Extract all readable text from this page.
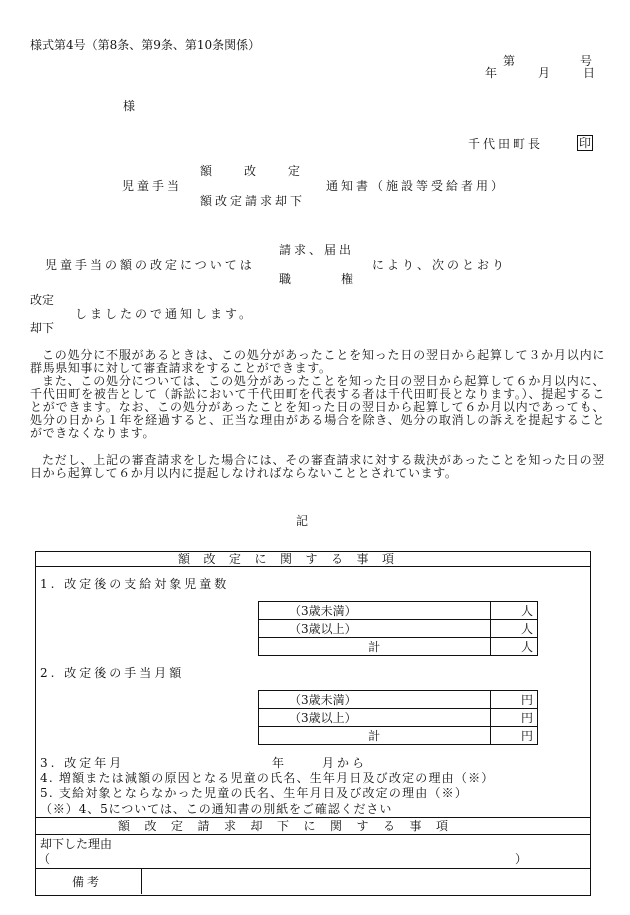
様式第4号（第8条、第9条、第10条関係）
第	号
年	月	日
様
千代田町長	印
額	改	定
児童手当	通知書（施設等受給者用）
額改定請求却下
請求、届出
児童手当の額の改定については	により、次のとおり
職	権
改定
しましたので通知します。
却下
この処分に不服があるときは、この処分があったことを知った日の翌日から起算して３か月以内に群馬県知事に対して審査請求をすることができます。
また、この処分については、この処分があったことを知った日の翌日から起算して６か月以内に、千代田町を被告として（訴訟において千代田町を代表する者は千代田町長となります。）、提起することができます。なお、この処分があったことを知った日の翌日から起算して６か月以内であっても、処分の日から１年を経過すると、正当な理由がある場合を除き、処分の取消しの訴えを提起することができなくなります。
ただし、上記の審査請求をした場合には、その審査請求に対する裁決があったことを知った日の翌日から起算して６か月以内に提起しなければならないこととされています。
記
額改定に関する事項
1. 改定後の支給対象児童数
（3歳未満）	人
（3歳以上）	人
計	人
2. 改定後の手当月額
（3歳未満）	円
（3歳以上）	円
計	円
3. 改定年月	年	月から
4. 増額または減額の原因となる児童の氏名、生年月日及び改定の理由（※）
5. 支給対象とならなかった児童の氏名、生年月日及び改定の理由（※）
（※）4、5については、この通知書の別紙をご確認ください
額改定請求却下に関する事項
却下した理由
（	）
備考
